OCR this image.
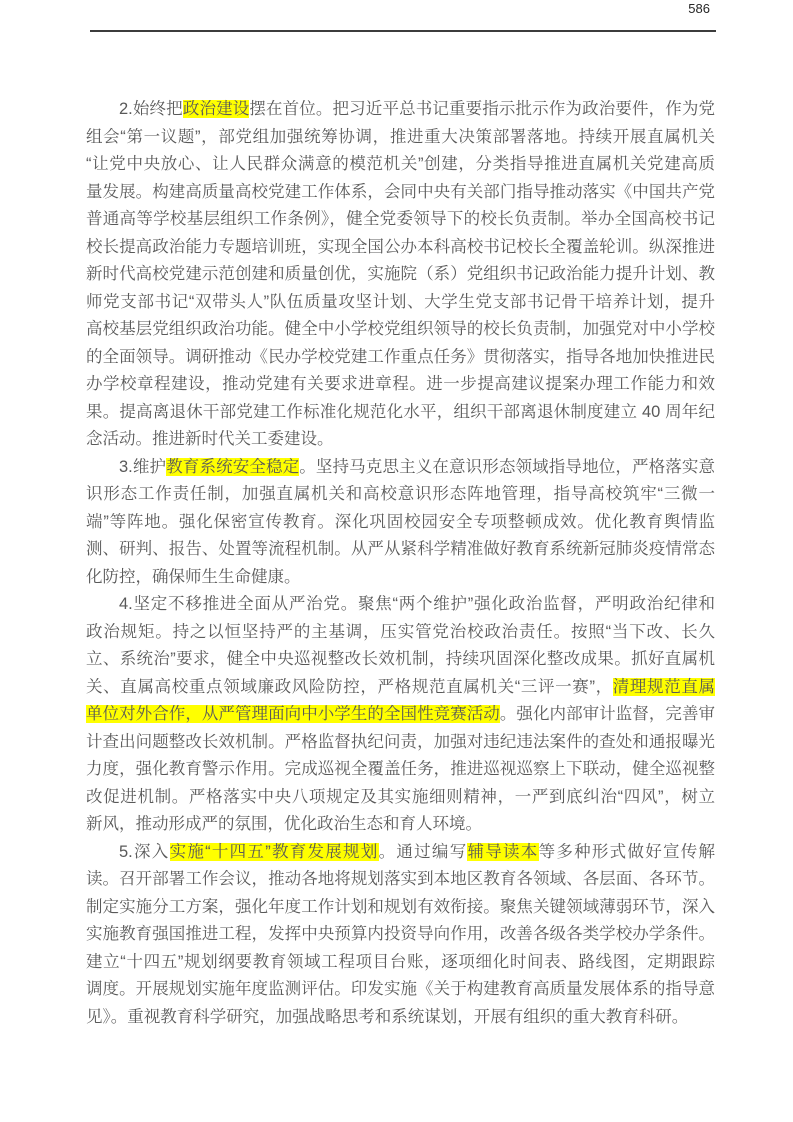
586
2.始终把政治建设摆在首位。把习近平总书记重要指示批示作为政治要件，作为党
组会“第一议题”，部党组加强统筹协调，推进重大决策部署落地。持续开展直属机关
“让党中央放心、让人民群众满意的模范机关”创建，分类指导推进直属机关党建高质
量发展。构建高质量高校党建工作体系，会同中央有关部门指导推动落实《中国共产党
普通高等学校基层组织工作条例》，健全党委领导下的校长负责制。举办全国高校书记
校长提高政治能力专题培训班，实现全国公办本科高校书记校长全覆盖轮训。纵深推进
新时代高校党建示范创建和质量创优，实施院（系）党组织书记政治能力提升计划、教
师党支部书记“双带头人”队伍质量攻坚计划、大学生党支部书记骨干培养计划，提升
高校基层党组织政治功能。健全中小学校党组织领导的校长负责制，加强党对中小学校
的全面领导。调研推动《民办学校党建工作重点任务》贯彻落实，指导各地加快推进民
办学校章程建设，推动党建有关要求进章程。进一步提高建议提案办理工作能力和效
果。提高离退休干部党建工作标准化规范化水平，组织干部离退休制度建立 40 周年纪
念活动。推进新时代关工委建设。
3.维护教育系统安全稳定。坚持马克思主义在意识形态领域指导地位，严格落实意
识形态工作责任制，加强直属机关和高校意识形态阵地管理，指导高校筑牢“三微一
端”等阵地。强化保密宣传教育。深化巩固校园安全专项整顿成效。优化教育舆情监
测、研判、报告、处置等流程机制。从严从紧科学精准做好教育系统新冠肺炎疫情常态
化防控，确保师生生命健康。
4.坚定不移推进全面从严治党。聚焦“两个维护”强化政治监督，严明政治纪律和
政治规矩。持之以恒坚持严的主基调，压实管党治校政治责任。按照“当下改、长久
立、系统治”要求，健全中央巡视整改长效机制，持续巩固深化整改成果。抓好直属机
关、直属高校重点领域廉政风险防控，严格规范直属机关“三评一赛”，清理规范直属
单位对外合作，从严管理面向中小学生的全国性竞赛活动。强化内部审计监督，完善审
计查出问题整改长效机制。严格监督执纪问责，加强对违纪违法案件的查处和通报曝光
力度，强化教育警示作用。完成巡视全覆盖任务，推进巡视巡察上下联动，健全巡视整
改促进机制。严格落实中央八项规定及其实施细则精神，一严到底纠治“四风”，树立
新风，推动形成严的氛围，优化政治生态和育人环境。
5.深入实施“十四五”教育发展规划。通过编写辅导读本等多种形式做好宣传解
读。召开部署工作会议，推动各地将规划落实到本地区教育各领域、各层面、各环节。
制定实施分工方案，强化年度工作计划和规划有效衔接。聚焦关键领域薄弱环节，深入
实施教育强国推进工程，发挥中央预算内投资导向作用，改善各级各类学校办学条件。
建立“十四五”规划纲要教育领域工程项目台账，逐项细化时间表、路线图，定期跟踪
调度。开展规划实施年度监测评估。印发实施《关于构建教育高质量发展体系的指导意
见》。重视教育科学研究，加强战略思考和系统谋划，开展有组织的重大教育科研。
